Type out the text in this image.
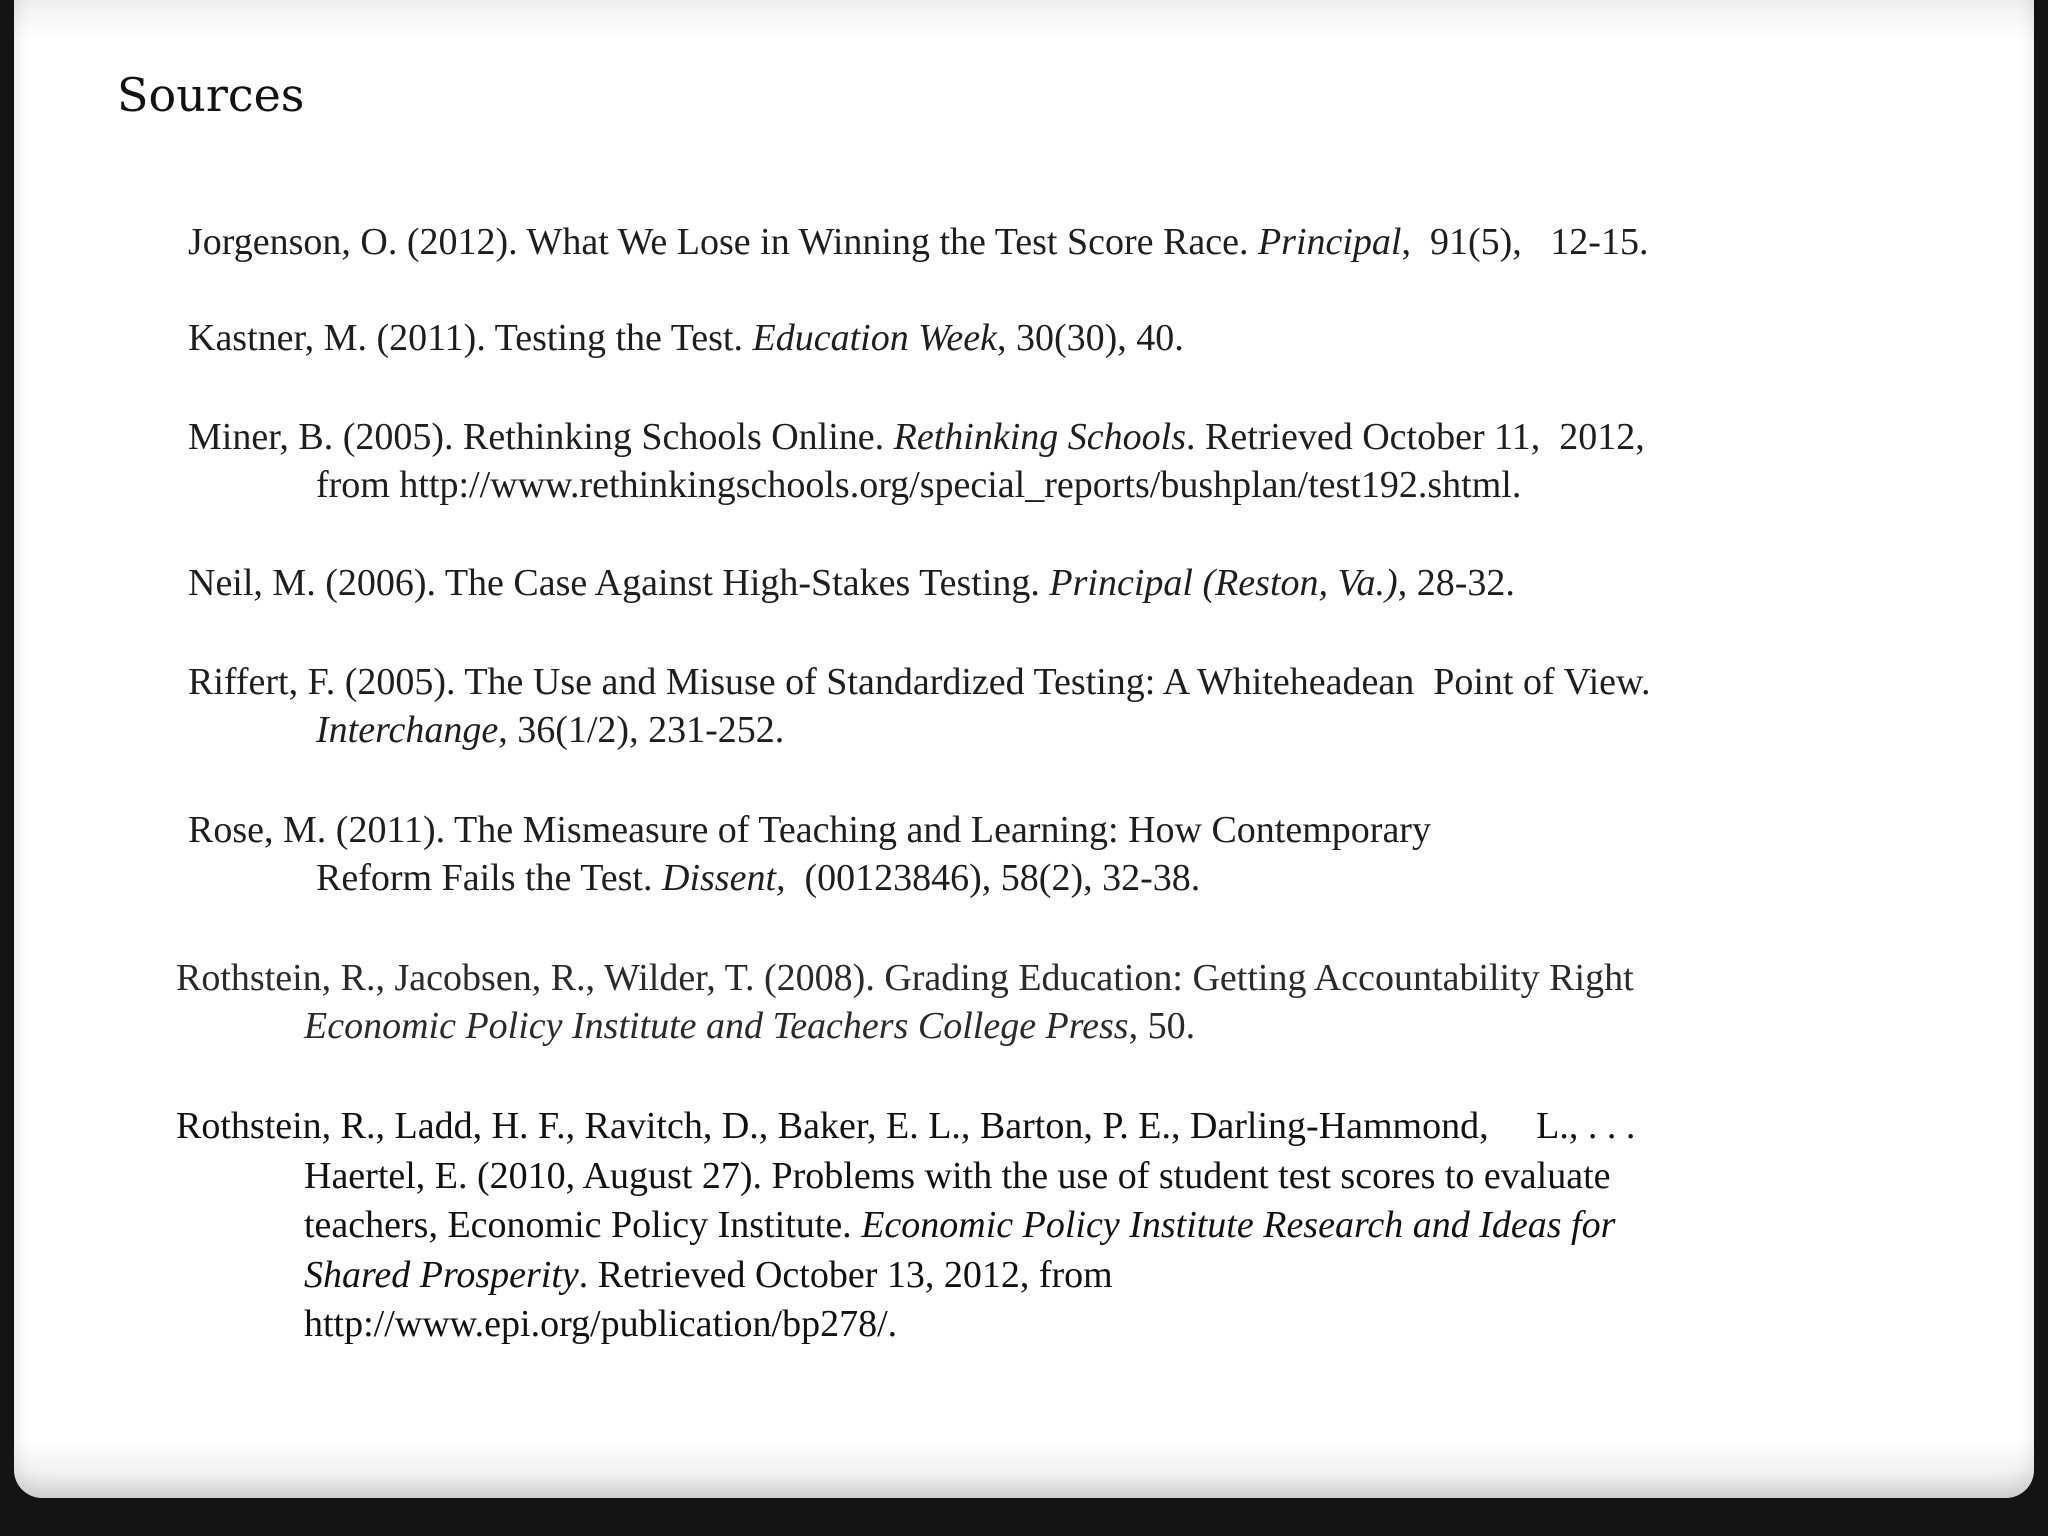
Sources

Jorgenson, O. (2012). What We Lose in Winning the Test Score Race. Principal,  91(5),   12-15.

Kastner, M. (2011). Testing the Test. Education Week, 30(30), 40.

Miner, B. (2005). Rethinking Schools Online. Rethinking Schools. Retrieved October 11,  2012,
from http://www.rethinkingschools.org/special_reports/bushplan/test192.shtml.

Neil, M. (2006). The Case Against High-Stakes Testing. Principal (Reston, Va.), 28-32.

Riffert, F. (2005). The Use and Misuse of Standardized Testing: A Whiteheadean  Point of View.
Interchange, 36(1/2), 231-252.

Rose, M. (2011). The Mismeasure of Teaching and Learning: How Contemporary
Reform Fails the Test. Dissent,  (00123846), 58(2), 32-38.

Rothstein, R., Jacobsen, R., Wilder, T. (2008). Grading Education: Getting Accountability Right
Economic Policy Institute and Teachers College Press, 50.

Rothstein, R., Ladd, H. F., Ravitch, D., Baker, E. L., Barton, P. E., Darling-Hammond,     L., . . .
Haertel, E. (2010, August 27). Problems with the use of student test scores to evaluate
teachers, Economic Policy Institute. Economic Policy Institute Research and Ideas for
Shared Prosperity. Retrieved October 13, 2012, from
http://www.epi.org/publication/bp278/.
